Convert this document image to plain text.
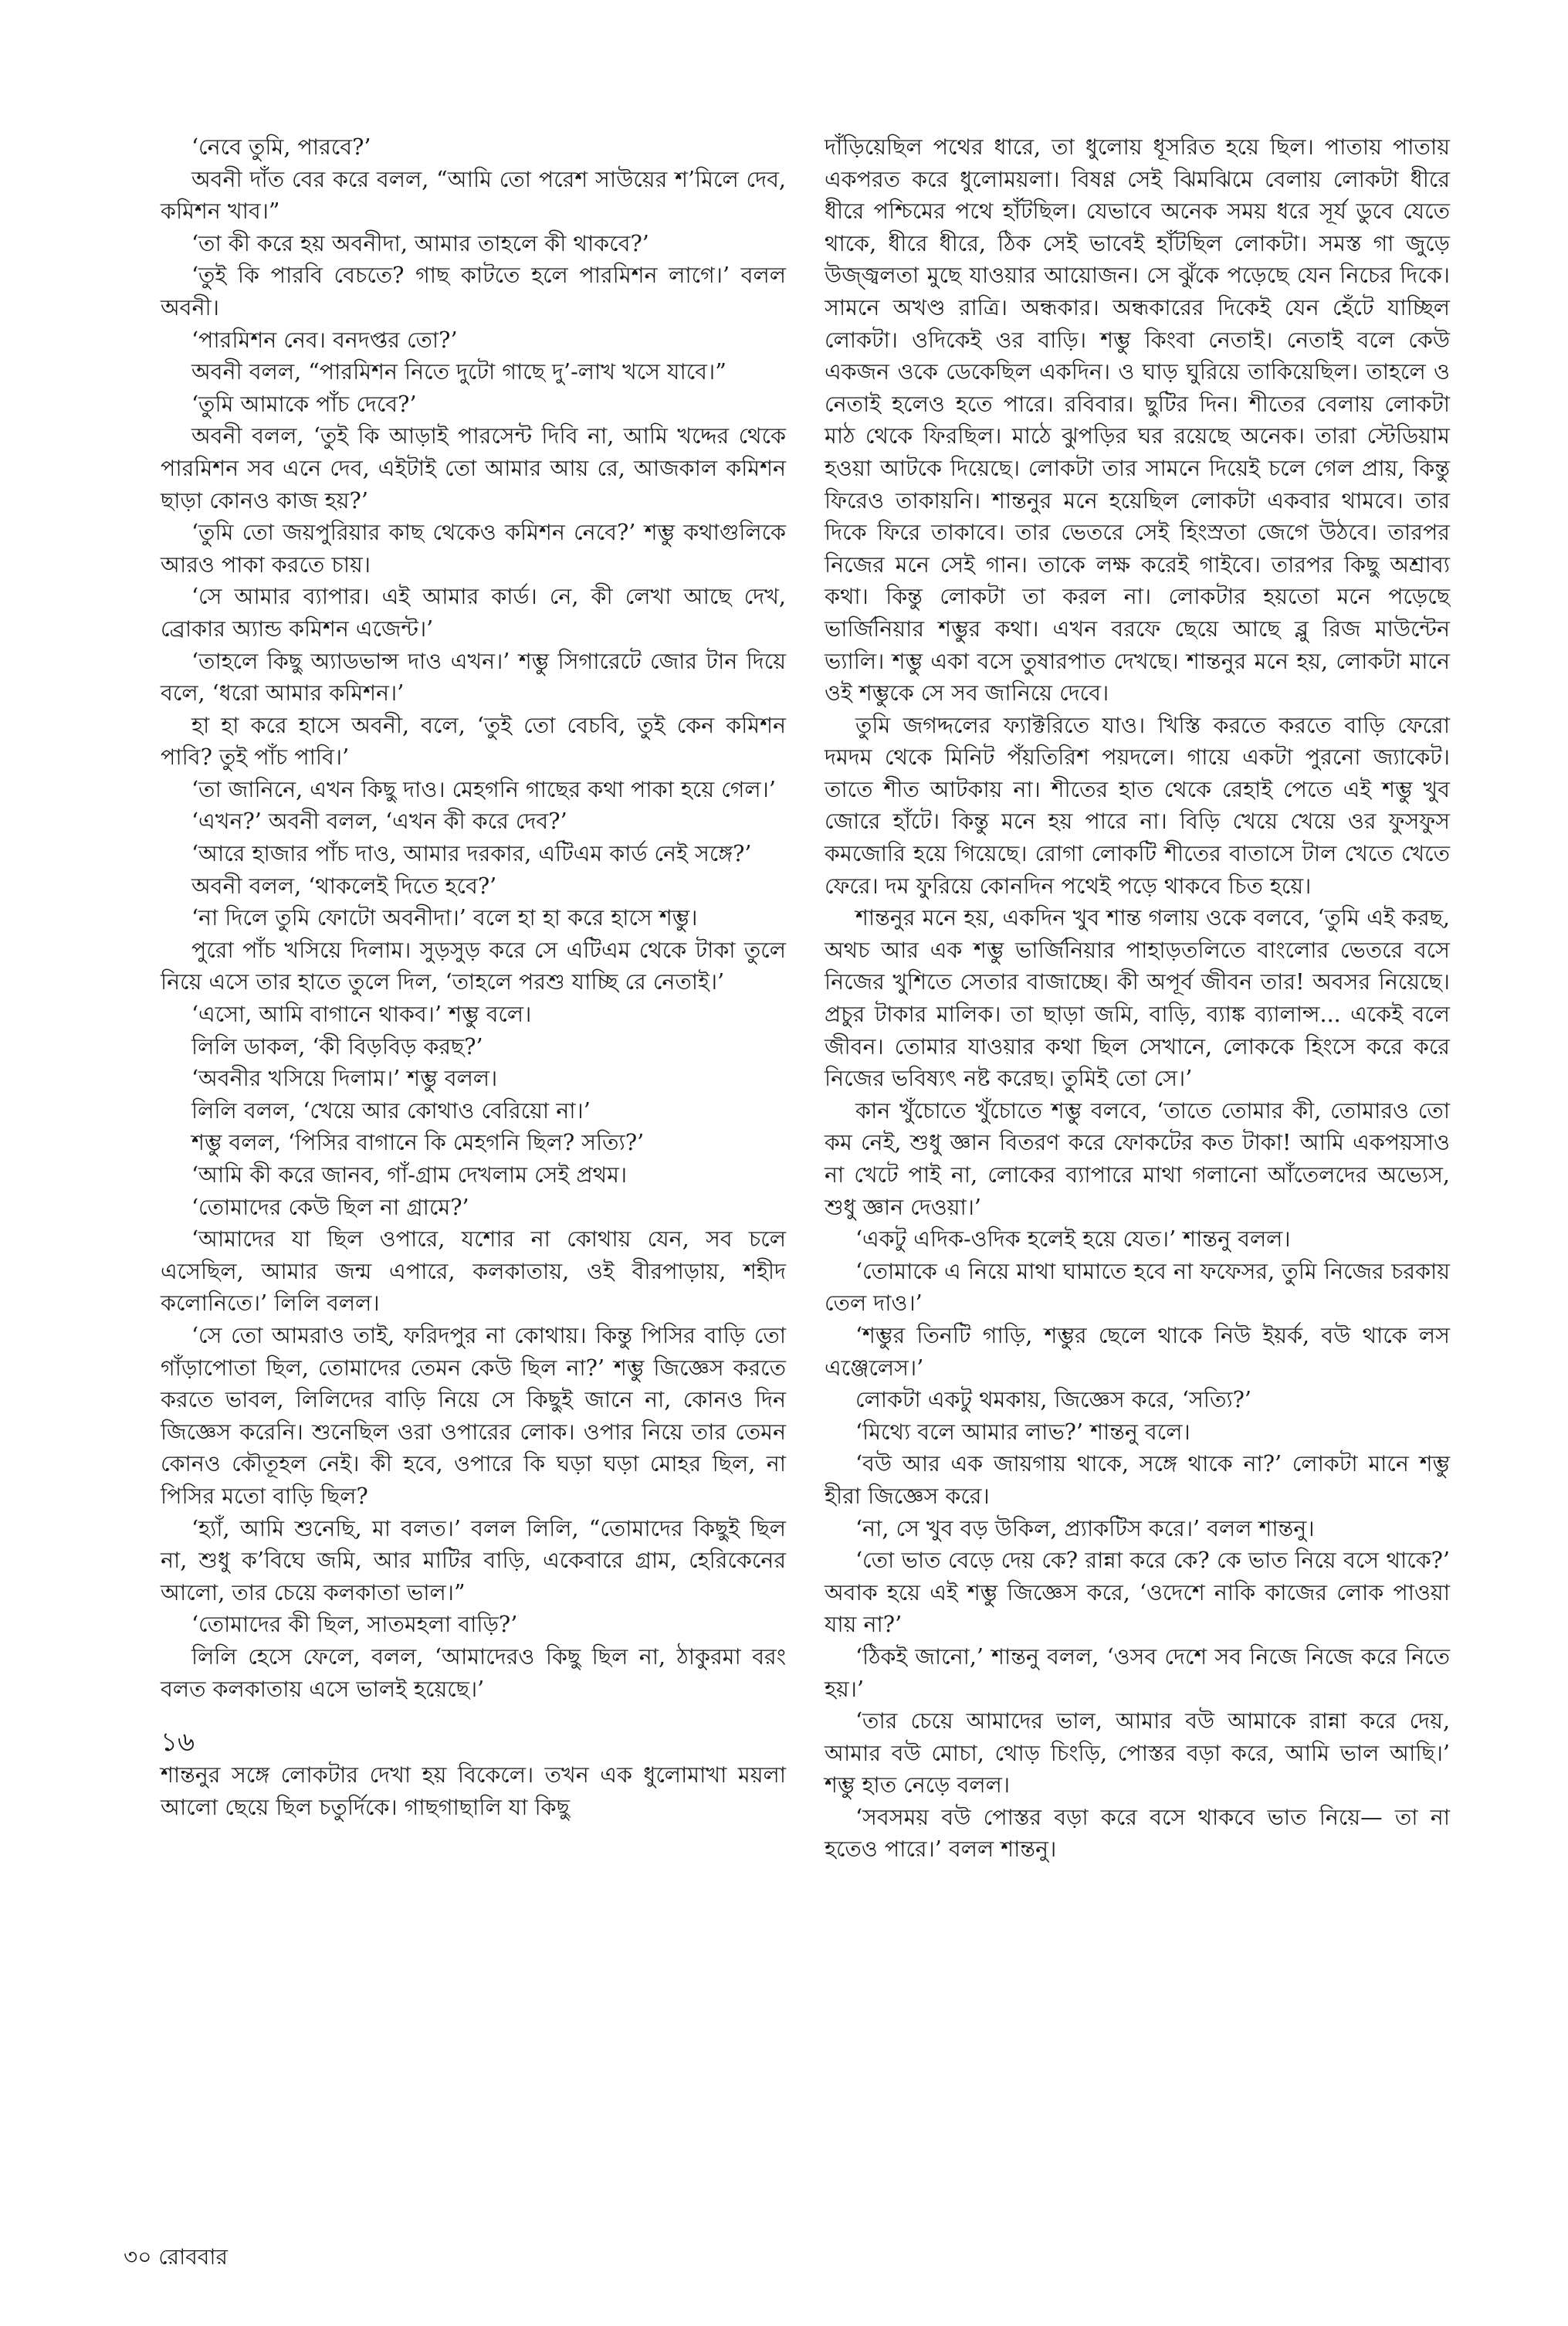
‘নেবে তুমি, পারবে?’

অবনী দাঁত বের করে বলল, “আমি তো পরেশ সাউয়ের শ’মিলে দেব, কমিশন খাব।”

‘তা কী করে হয় অবনীদা, আমার তাহলে কী থাকবে?’

‘তুই কি পারবি বেচতে? গাছ কাটতে হলে পারমিশন লাগে।’ বলল অবনী।

‘পারমিশন নেব। বনদপ্তর তো?’

অবনী বলল, “পারমিশন নিতে দুটো গাছে দু’-লাখ খসে যাবে।”

‘তুমি আমাকে পাঁচ দেবে?’

অবনী বলল, ‘তুই কি আড়াই পারসেন্ট দিবি না, আমি খদ্দের থেকে পারমিশন সব এনে দেব, এইটাই তো আমার আয় রে, আজকাল কমিশন ছাড়া কোনও কাজ হয়?’

‘তুমি তো জয়পুরিয়ার কাছ থেকেও কমিশন নেবে?’ শম্ভু কথাগুলিকে আরও পাকা করতে চায়।

‘সে আমার ব্যাপার। এই আমার কার্ড। নে, কী লেখা আছে দেখ, ব্রোকার অ্যান্ড কমিশন এজেন্ট।’

‘তাহলে কিছু অ্যাডভান্স দাও এখন।’ শম্ভু সিগারেটে জোর টান দিয়ে বলে, ‘ধরো আমার কমিশন।’

হা হা করে হাসে অবনী, বলে, ‘তুই তো বেচবি, তুই কেন কমিশন পাবি? তুই পাঁচ পাবি।’

‘তা জানিনে, এখন কিছু দাও। মেহগনি গাছের কথা পাকা হয়ে গেল।’

‘এখন?’ অবনী বলল, ‘এখন কী করে দেব?’

‘আরে হাজার পাঁচ দাও, আমার দরকার, এটিএম কার্ড নেই সঙ্গে?’

অবনী বলল, ‘থাকলেই দিতে হবে?’

‘না দিলে তুমি ফোটো অবনীদা।’ বলে হা হা করে হাসে শম্ভু।

পুরো পাঁচ খসিয়ে দিলাম। সুড়সুড় করে সে এটিএম থেকে টাকা তুলে নিয়ে এসে তার হাতে তুলে দিল, ‘তাহলে পরশু যাচ্ছি রে নেতাই।’

‘এসো, আমি বাগানে থাকব।’ শম্ভু বলে।

লিলি ডাকল, ‘কী বিড়বিড় করছ?’

‘অবনীর খসিয়ে দিলাম।’ শম্ভু বলল।

লিলি বলল, ‘খেয়ে আর কোথাও বেরিয়ো না।’

শম্ভু বলল, ‘পিসির বাগানে কি মেহগনি ছিল? সত্যি?’

‘আমি কী করে জানব, গাঁ-গ্রাম দেখলাম সেই প্রথম।

‘তোমাদের কেউ ছিল না গ্রামে?’

‘আমাদের যা ছিল ওপারে, যশোর না কোথায় যেন, সব চলে এসেছিল, আমার জন্ম এপারে, কলকাতায়, ওই বীরপাড়ায়, শহীদ কলোনিতে।’ লিলি বলল।

‘সে তো আমরাও তাই, ফরিদপুর না কোথায়। কিন্তু পিসির বাড়ি তো গাঁড়াপোতা ছিল, তোমাদের তেমন কেউ ছিল না?’ শম্ভু জিজ্ঞেস করতে করতে ভাবল, লিলিদের বাড়ি নিয়ে সে কিছুই জানে না, কোনও দিন জিজ্ঞেস করেনি। শুনেছিল ওরা ওপারের লোক। ওপার নিয়ে তার তেমন কোনও কৌতূহল নেই। কী হবে, ওপারে কি ঘড়া ঘড়া মোহর ছিল, না পিসির মতো বাড়ি ছিল?

‘হ্যাঁ, আমি শুনেছি, মা বলত।’ বলল লিলি, “তোমাদের কিছুই ছিল না, শুধু ক’বিঘে জমি, আর মাটির বাড়ি, একেবারে গ্রাম, হেরিকেনের আলো, তার চেয়ে কলকাতা ভাল।”

‘তোমাদের কী ছিল, সাতমহলা বাড়ি?’

লিলি হেসে ফেলে, বলল, ‘আমাদেরও কিছু ছিল না, ঠাকুরমা বরং বলত কলকাতায় এসে ভালই হয়েছে।’

১৬

শান্তনুর সঙ্গে লোকটার দেখা হয় বিকেলে। তখন এক ধুলোমাখা ময়লা আলো ছেয়ে ছিল চতুর্দিকে। গাছগাছালি যা কিছু

দাঁড়িয়েছিল পথের ধারে, তা ধুলোয় ধূসরিত হয়ে ছিল। পাতায় পাতায় একপরত করে ধুলোময়লা। বিষণ্ণ সেই ঝিমঝিমে বেলায় লোকটা ধীরে ধীরে পশ্চিমের পথে হাঁটছিল। যেভাবে অনেক সময় ধরে সূর্য ডুবে যেতে থাকে, ধীরে ধীরে, ঠিক সেই ভাবেই হাঁটছিল লোকটা। সমস্ত গা জুড়ে উজ্জ্বলতা মুছে যাওয়ার আয়োজন। সে ঝুঁকে পড়েছে যেন নিচের দিকে। সামনে অখণ্ড রাত্রি। অন্ধকার। অন্ধকারের দিকেই যেন হেঁটে যাচ্ছিল লোকটা। ওদিকেই ওর বাড়ি। শম্ভু কিংবা নেতাই। নেতাই বলে কেউ একজন ওকে ডেকেছিল একদিন। ও ঘাড় ঘুরিয়ে তাকিয়েছিল। তাহলে ও নেতাই হলেও হতে পারে। রবিবার। ছুটির দিন। শীতের বেলায় লোকটা মাঠ থেকে ফিরছিল। মাঠে ঝুপড়ির ঘর রয়েছে অনেক। তারা স্টেডিয়াম হওয়া আটকে দিয়েছে। লোকটা তার সামনে দিয়েই চলে গেল প্রায়, কিন্তু ফিরেও তাকায়নি। শান্তনুর মনে হয়েছিল লোকটা একবার থামবে। তার দিকে ফিরে তাকাবে। তার ভেতরে সেই হিংস্রতা জেগে উঠবে। তারপর নিজের মনে সেই গান। তাকে লক্ষ করেই গাইবে। তারপর কিছু অশ্রাব্য কথা। কিন্তু লোকটা তা করল না। লোকটার হয়তো মনে পড়েছে ভার্জিনিয়ার শম্ভুর কথা। এখন বরফে ছেয়ে আছে ব্লু রিজ মাউন্টেন ভ্যালি। শম্ভু একা বসে তুষারপাত দেখছে। শান্তনুর মনে হয়, লোকটা মানে ওই শম্ভুকে সে সব জানিয়ে দেবে।

তুমি জগদ্দলের ফ্যাক্টরিতে যাও। খিস্তি করতে করতে বাড়ি ফেরো দমদম থেকে মিনিট পঁয়তিরিশ পয়দলে। গায়ে একটা পুরনো জ্যাকেট। তাতে শীত আটকায় না। শীতের হাত থেকে রেহাই পেতে এই শম্ভু খুব জোরে হাঁটে। কিন্তু মনে হয় পারে না। বিড়ি খেয়ে খেয়ে ওর ফুসফুস কমজোরি হয়ে গিয়েছে। রোগা লোকটি শীতের বাতাসে টাল খেতে খেতে ফেরে। দম ফুরিয়ে কোনদিন পথেই পড়ে থাকবে চিত হয়ে।

শান্তনুর মনে হয়, একদিন খুব শান্ত গলায় ওকে বলবে, ‘তুমি এই করছ, অথচ আর এক শম্ভু ভার্জিনিয়ার পাহাড়তলিতে বাংলোর ভেতরে বসে নিজের খুশিতে সেতার বাজাচ্ছে। কী অপূর্ব জীবন তার! অবসর নিয়েছে। প্রচুর টাকার মালিক। তা ছাড়া জমি, বাড়ি, ব্যাঙ্ক ব্যালান্স... একেই বলে জীবন। তোমার যাওয়ার কথা ছিল সেখানে, লোককে হিংসে করে করে নিজের ভবিষ্যৎ নষ্ট করেছ। তুমিই তো সে।’

কান খুঁচোতে খুঁচোতে শম্ভু বলবে, ‘তাতে তোমার কী, তোমারও তো কম নেই, শুধু জ্ঞান বিতরণ করে ফোকটের কত টাকা! আমি একপয়সাও না খেটে পাই না, লোকের ব্যাপারে মাথা গলানো আঁতেলদের অভ্যেস, শুধু জ্ঞান দেওয়া।’

‘একটু এদিক-ওদিক হলেই হয়ে যেত।’ শান্তনু বলল।

‘তোমাকে এ নিয়ে মাথা ঘামাতে হবে না ফফেসর, তুমি নিজের চরকায় তেল দাও।’

‘শম্ভুর তিনটি গাড়ি, শম্ভুর ছেলে থাকে নিউ ইয়র্ক, বউ থাকে লস এঞ্জেলেস।’

লোকটা একটু থমকায়, জিজ্ঞেস করে, ‘সত্যি?’

‘মিথ্যে বলে আমার লাভ?’ শান্তনু বলে।

‘বউ আর এক জায়গায় থাকে, সঙ্গে থাকে না?’ লোকটা মানে শম্ভু হীরা জিজ্ঞেস করে।

‘না, সে খুব বড় উকিল, প্র্যাকটিস করে।’ বলল শান্তনু।

‘তো ভাত বেড়ে দেয় কে? রান্না করে কে? কে ভাত নিয়ে বসে থাকে?’ অবাক হয়ে এই শম্ভু জিজ্ঞেস করে, ‘ওদেশে নাকি কাজের লোক পাওয়া যায় না?’

‘ঠিকই জানো,’ শান্তনু বলল, ‘ওসব দেশে সব নিজে নিজে করে নিতে হয়।’

‘তার চেয়ে আমাদের ভাল, আমার বউ আমাকে রান্না করে দেয়, আমার বউ মোচা, থোড় চিংড়ি, পোস্তর বড়া করে, আমি ভাল আছি।’ শম্ভু হাত নেড়ে বলল।

‘সবসময় বউ পোস্তর বড়া করে বসে থাকবে ভাত নিয়ে— তা না হতেও পারে।’ বলল শান্তনু।

৩০ রোববার
